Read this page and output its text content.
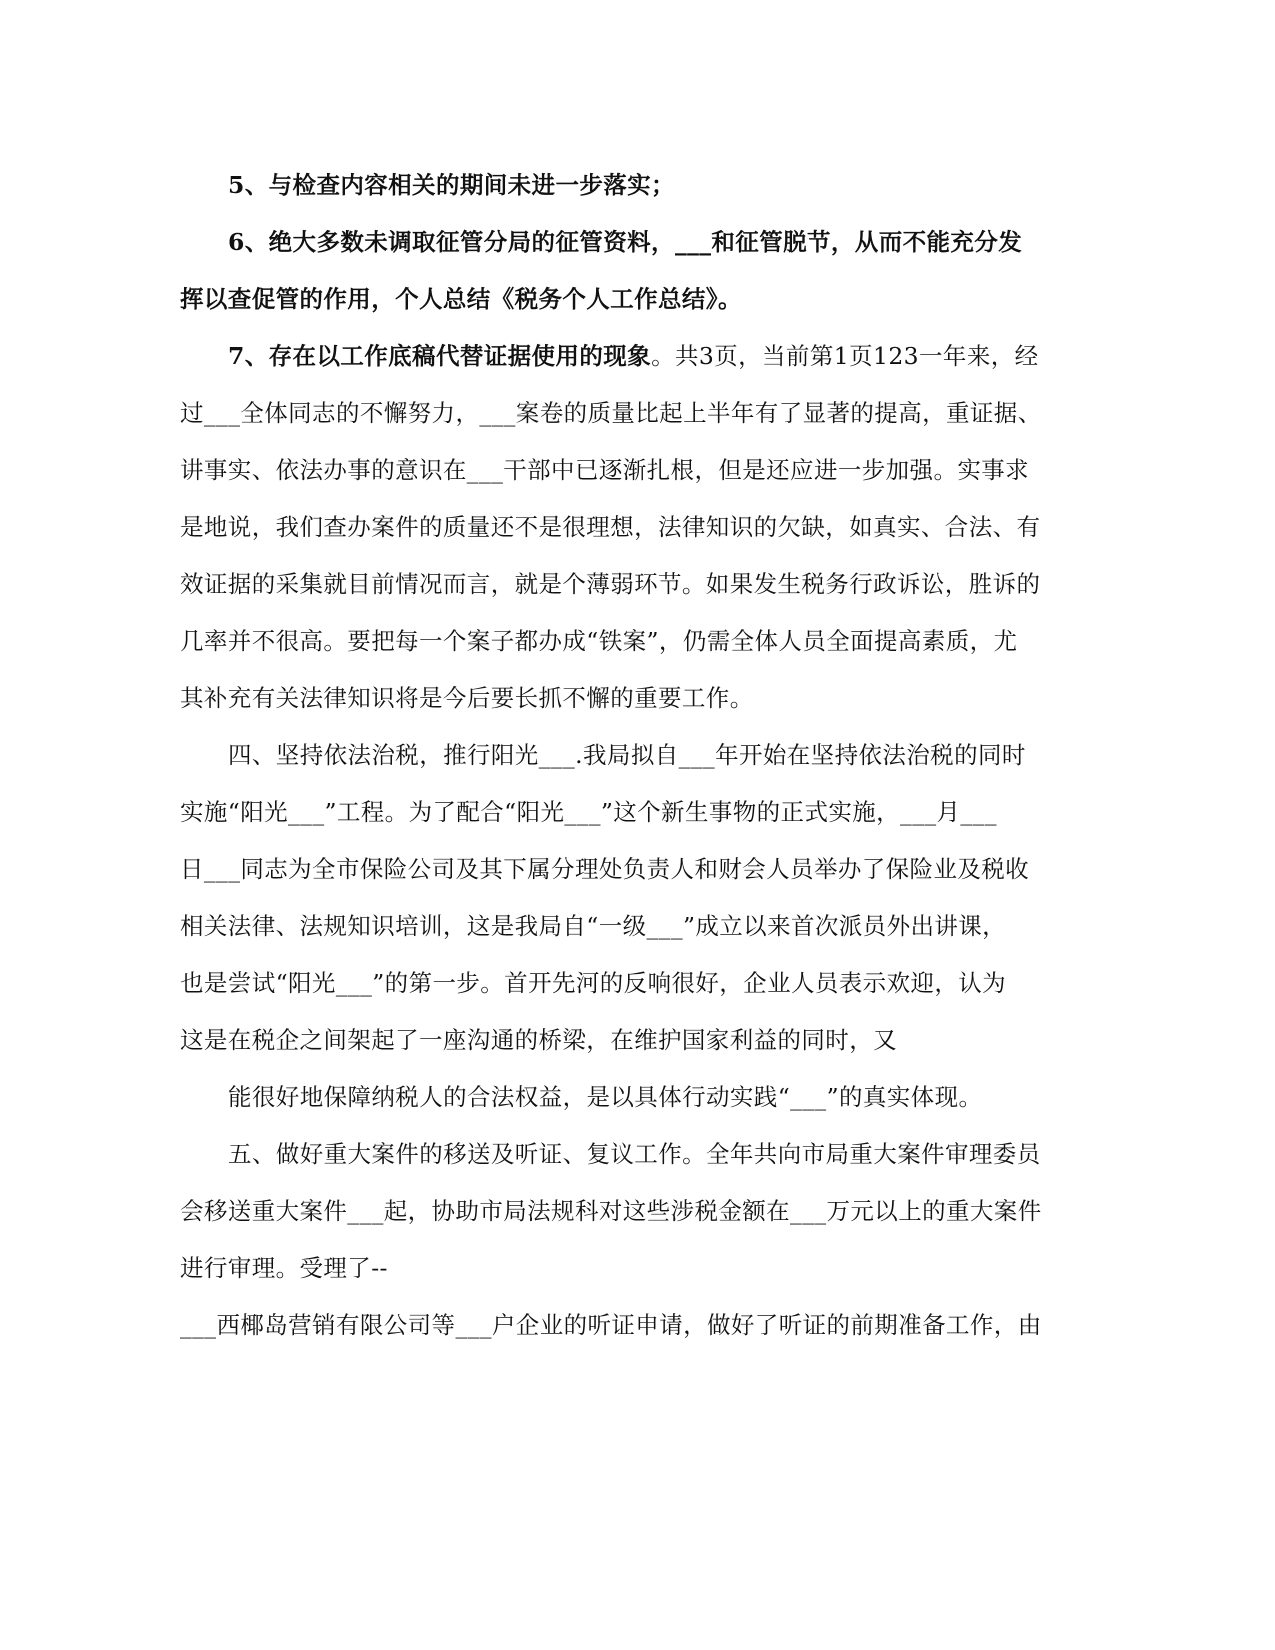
5、与检查内容相关的期间未进一步落实；
6、绝大多数未调取征管分局的征管资料，___和征管脱节，从而不能充分发
挥以查促管的作用，个人总结《税务个人工作总结》。
7、存在以工作底稿代替证据使用的现象。共3页，当前第1页123一年来，经
过___全体同志的不懈努力，___案卷的质量比起上半年有了显著的提高，重证据、
讲事实、依法办事的意识在___干部中已逐渐扎根，但是还应进一步加强。实事求
是地说，我们查办案件的质量还不是很理想，法律知识的欠缺，如真实、合法、有
效证据的采集就目前情况而言，就是个薄弱环节。如果发生税务行政诉讼，胜诉的
几率并不很高。要把每一个案子都办成“铁案”，仍需全体人员全面提高素质，尤
其补充有关法律知识将是今后要长抓不懈的重要工作。
四、坚持依法治税，推行阳光___.我局拟自___年开始在坚持依法治税的同时
实施“阳光___”工程。为了配合“阳光___”这个新生事物的正式实施，___月___
日___同志为全市保险公司及其下属分理处负责人和财会人员举办了保险业及税收
相关法律、法规知识培训，这是我局自“一级___”成立以来首次派员外出讲课，
也是尝试“阳光___”的第一步。首开先河的反响很好，企业人员表示欢迎，认为
这是在税企之间架起了一座沟通的桥梁，在维护国家利益的同时，又
能很好地保障纳税人的合法权益，是以具体行动实践“___”的真实体现。
五、做好重大案件的移送及听证、复议工作。全年共向市局重大案件审理委员
会移送重大案件___起，协助市局法规科对这些涉税金额在___万元以上的重大案件
进行审理。受理了--
___西椰岛营销有限公司等___户企业的听证申请，做好了听证的前期准备工作，由
